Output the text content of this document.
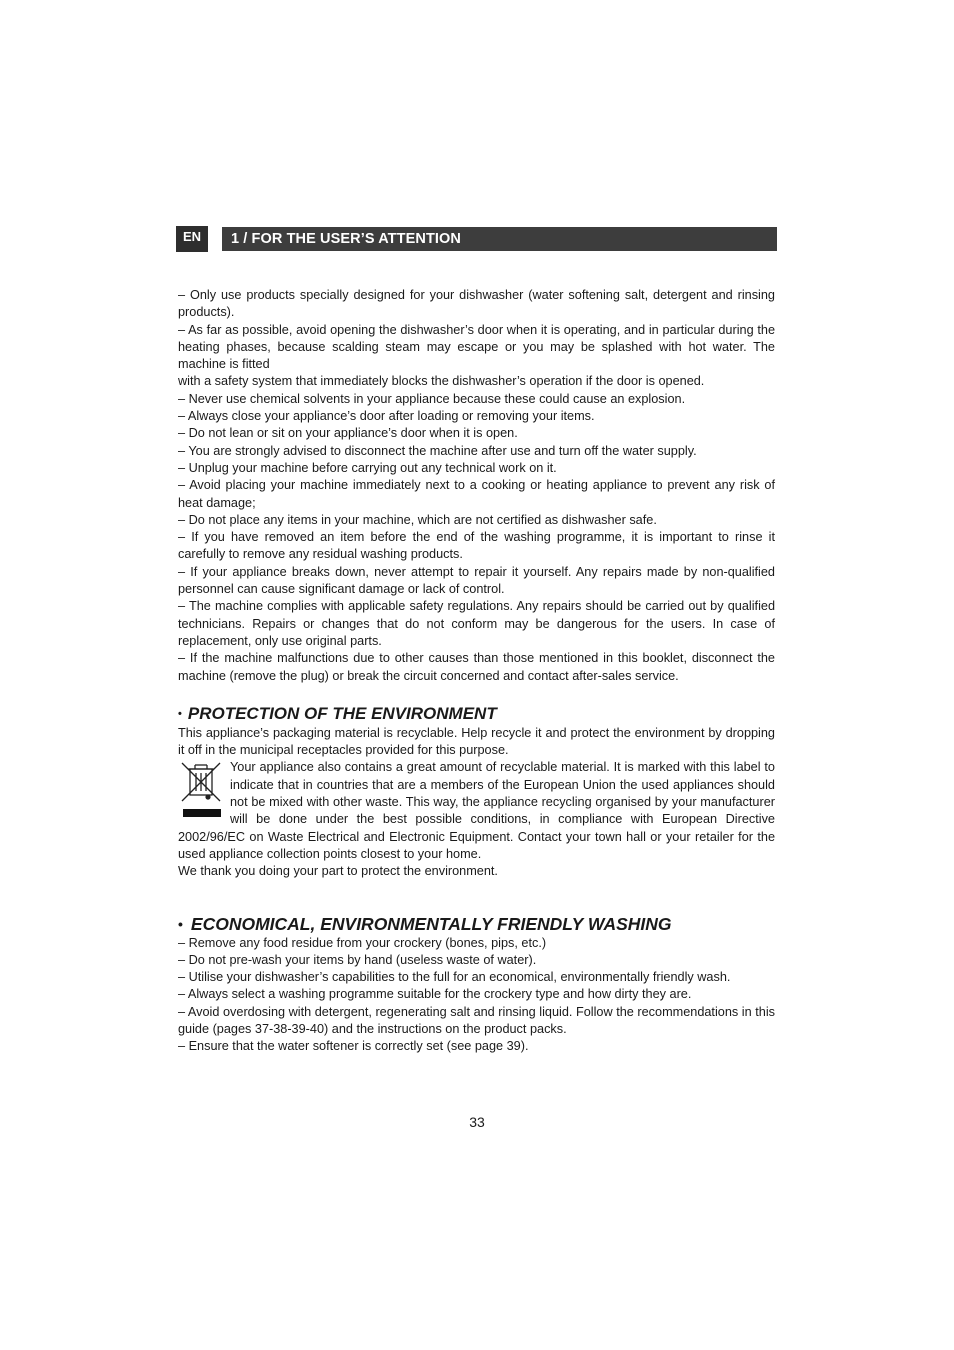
EN	1 / FOR THE USER’S ATTENTION

– Only use products specially designed for your dishwasher (water softening salt, detergent and rinsing products).

– As far as possible, avoid opening the dishwasher’s door when it is operating, and in particular during the heating phases, because scalding steam may escape or you may be splashed with hot water. The machine is fitted

with a safety system that immediately blocks the dishwasher’s operation if the door is opened.

– Never use chemical solvents in your appliance because these could cause an explosion.

– Always close your appliance’s door after loading or removing your items.

– Do not lean or sit on your appliance’s door when it is open.

– You are strongly advised to disconnect the machine after use and turn off the water supply.

– Unplug your machine before carrying out any technical work on it.

– Avoid placing your machine immediately next to a cooking or heating appliance to prevent any risk of heat damage;

– Do not place any items in your machine, which are not certified as dishwasher safe.

– If you have removed an item before the end of the washing programme, it is important to rinse it carefully to remove any residual washing products.

– If your appliance breaks down, never attempt to repair it yourself. Any repairs made by non-qualified personnel can cause significant damage or lack of control.

– The machine complies with applicable safety regulations. Any repairs should be carried out by qualified technicians. Repairs or changes that do not conform may be dangerous for the users. In case of replacement, only use original parts.

– If the machine malfunctions due to other causes than those mentioned in this booklet, disconnect the machine (remove the plug) or break the circuit concerned and contact after-sales service.

• PROTECTION OF THE ENVIRONMENT

This appliance’s packaging material is recyclable. Help recycle it and protect the environment by dropping it off in the municipal receptacles provided for this purpose.

Your appliance also contains a great amount of recyclable material. It is marked with this label to indicate that in countries that are a members of the European Union the used appliances should not be mixed with other waste. This way, the appliance recycling organised by your manufacturer will be done under the best possible conditions, in compliance with European Directive 2002/96/EC on Waste Electrical and Electronic Equipment. Contact your town hall or your retailer for the used appliance collection points closest to your home.

We thank you doing your part to protect the environment.

• ECONOMICAL, ENVIRONMENTALLY FRIENDLY WASHING

– Remove any food residue from your crockery (bones, pips, etc.)

– Do not pre-wash your items by hand (useless waste of water).

– Utilise your dishwasher’s capabilities to the full for an economical, environmentally friendly wash.

– Always select a washing programme suitable for the crockery type and how dirty they are.

– Avoid overdosing with detergent, regenerating salt and rinsing liquid. Follow the recommendations in this guide (pages 37-38-39-40) and the instructions on the product packs.

– Ensure that the water softener is correctly set (see page 39).

33
